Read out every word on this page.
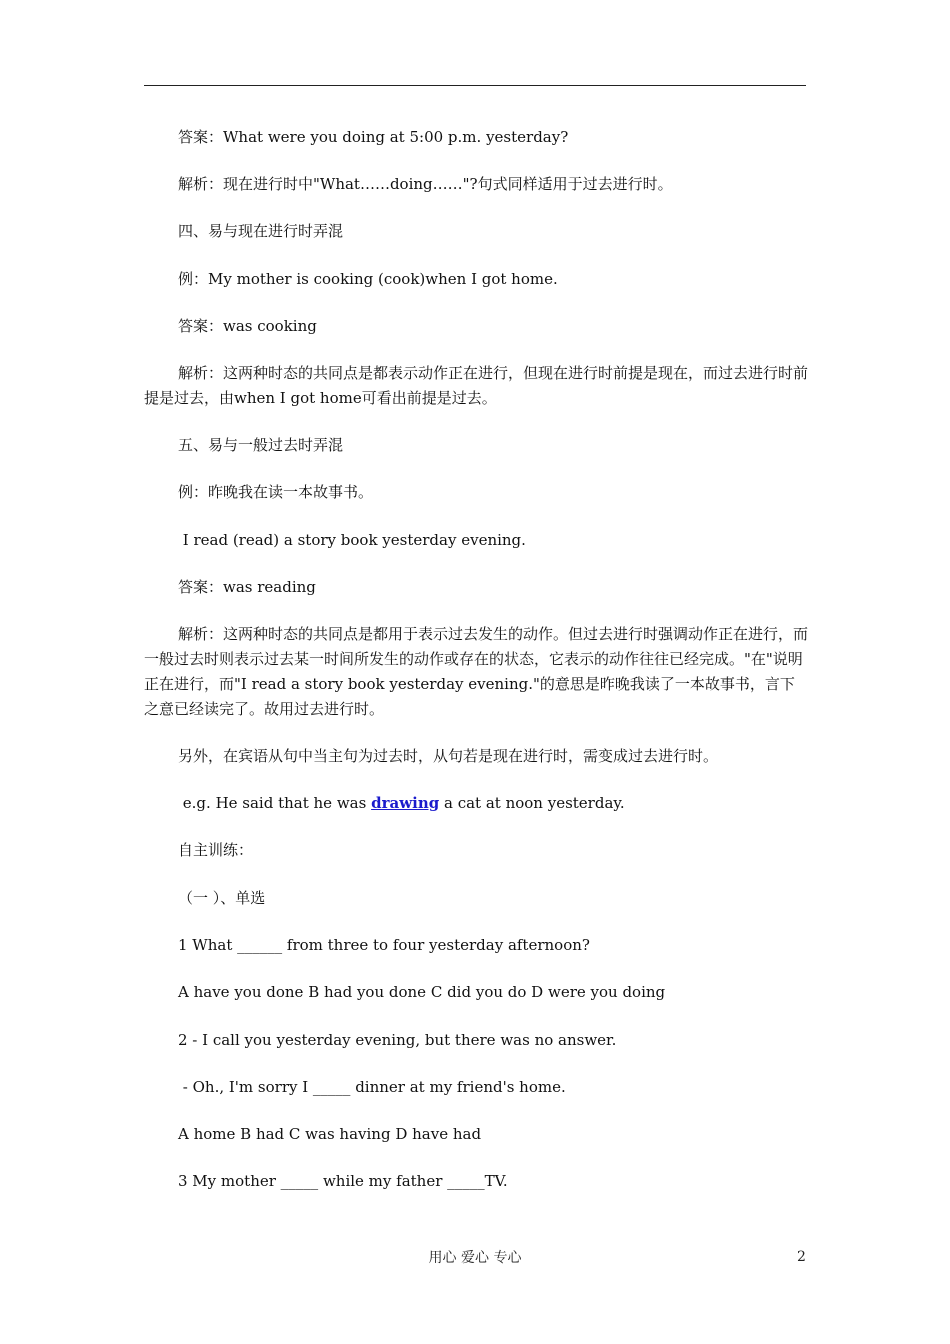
答案：What were you doing at 5:00 p.m. yesterday?
解析：现在进行时中"What……doing……"?句式同样适用于过去进行时。
四、易与现在进行时弄混
例：My mother is cooking (cook)when I got home.
答案：was cooking
解析：这两种时态的共同点是都表示动作正在进行，但现在进行时前提是现在，而过去进行时前提是过去，由when I got home可看出前提是过去。
五、易与一般过去时弄混
例：昨晚我在读一本故事书。
I read (read) a story book yesterday evening.
答案：was reading
解析：这两种时态的共同点是都用于表示过去发生的动作。但过去进行时强调动作正在进行，而一般过去时则表示过去某一时间所发生的动作或存在的状态，它表示的动作往往已经完成。"在"说明正在进行，而"I read a story book yesterday evening."的意思是昨晚我读了一本故事书，言下之意已经读完了。故用过去进行时。
另外，在宾语从句中当主句为过去时，从句若是现在进行时，需变成过去进行时。
e.g. He said that he was drawing a cat at noon yesterday.
自主训练：
（一 ）、单选
1 What ______ from three to four yesterday afternoon?
A have you done B had you done C did you do D were you doing
2 - I call you yesterday evening, but there was no answer.
- Oh., I'm sorry I _____ dinner at my friend's home.
A home B had C was having D have had
3 My mother _____ while my father _____TV.
用心 爱心 专心	2
